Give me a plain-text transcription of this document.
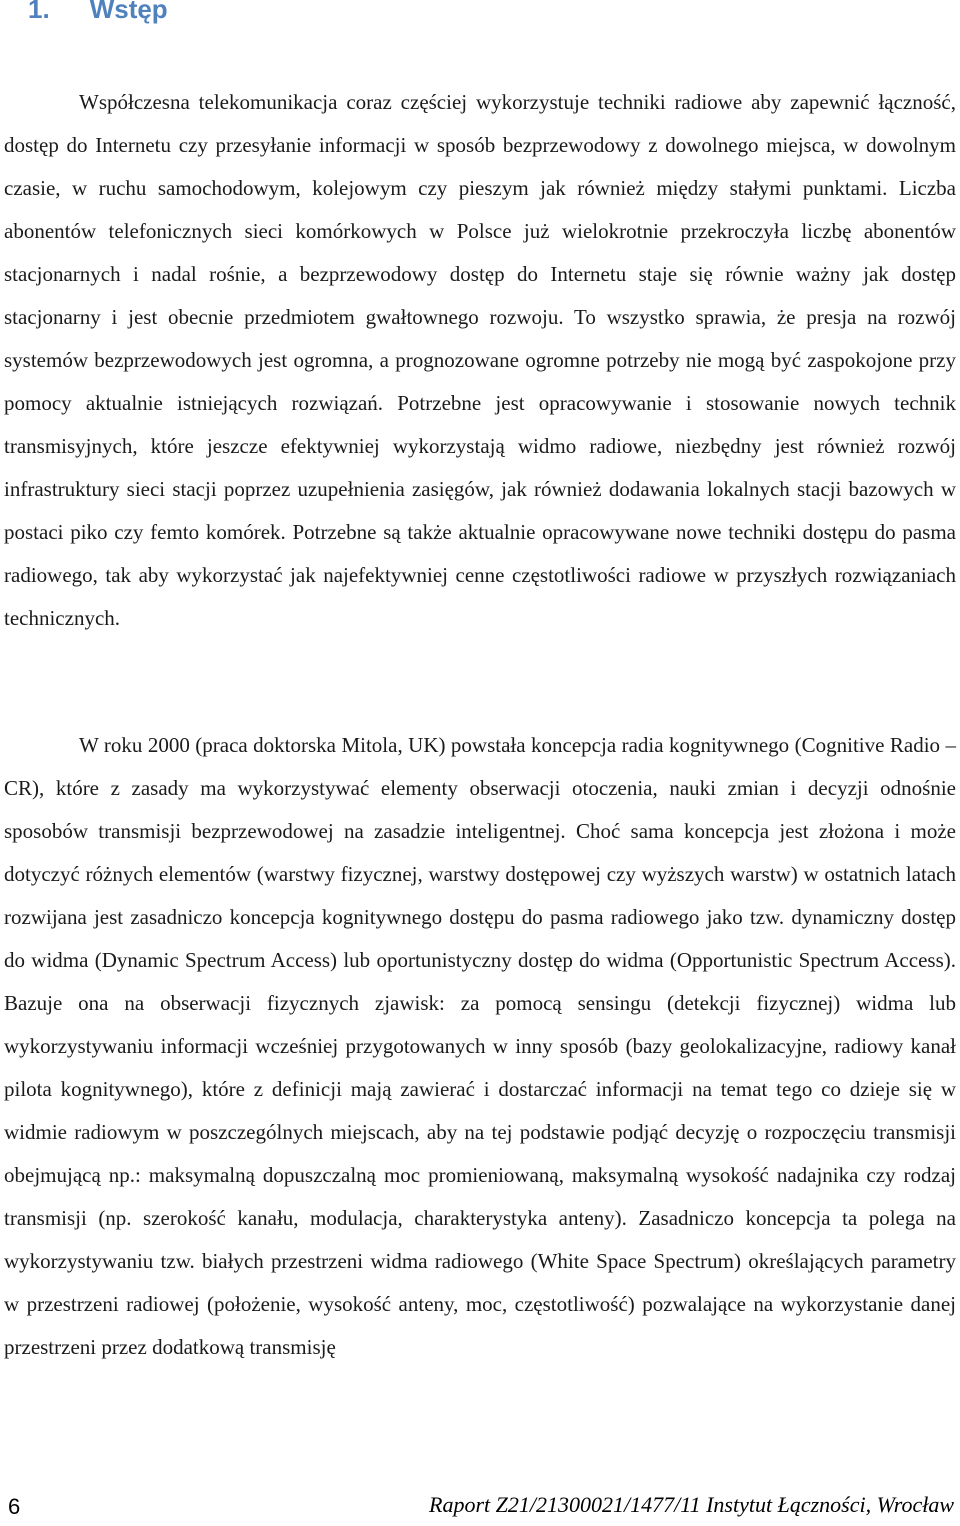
1. Wstęp
Współczesna telekomunikacja coraz częściej wykorzystuje techniki radiowe aby zapewnić łączność, dostęp do Internetu czy przesyłanie informacji w sposób bezprzewodowy z dowolnego miejsca, w dowolnym czasie, w ruchu samochodowym, kolejowym czy pieszym jak również między stałymi punktami. Liczba abonentów telefonicznych sieci komórkowych w Polsce już wielokrotnie przekroczyła liczbę abonentów stacjonarnych i nadal rośnie, a bezprzewodowy dostęp do Internetu staje się równie ważny jak dostęp stacjonarny i jest obecnie przedmiotem gwałtownego rozwoju. To wszystko sprawia, że presja na rozwój systemów bezprzewodowych jest ogromna, a prognozowane ogromne potrzeby nie mogą być zaspokojone przy pomocy aktualnie istniejących rozwiązań. Potrzebne jest opracowywanie i stosowanie nowych technik transmisyjnych, które jeszcze efektywniej wykorzystają widmo radiowe, niezbędny jest również rozwój infrastruktury sieci stacji poprzez uzupełnienia zasięgów, jak również dodawania lokalnych stacji bazowych w postaci piko czy femto komórek. Potrzebne są także aktualnie opracowywane nowe techniki dostępu do pasma radiowego, tak aby wykorzystać jak najefektywniej cenne częstotliwości radiowe w przyszłych rozwiązaniach technicznych.
W roku 2000 (praca doktorska Mitola, UK) powstała koncepcja radia kognitywnego (Cognitive Radio – CR), które z zasady ma wykorzystywać elementy obserwacji otoczenia, nauki zmian i decyzji odnośnie sposobów transmisji bezprzewodowej na zasadzie inteligentnej. Choć sama koncepcja jest złożona i może dotyczyć różnych elementów (warstwy fizycznej, warstwy dostępowej czy wyższych warstw) w ostatnich latach rozwijana jest zasadniczo koncepcja kognitywnego dostępu do pasma radiowego jako tzw. dynamiczny dostęp do widma (Dynamic Spectrum Access) lub oportunistyczny dostęp do widma (Opportunistic Spectrum Access). Bazuje ona na obserwacji fizycznych zjawisk: za pomocą sensingu (detekcji fizycznej) widma lub wykorzystywaniu informacji wcześniej przygotowanych w inny sposób (bazy geolokalizacyjne, radiowy kanał pilota kognitywnego), które z definicji mają zawierać i dostarczać informacji na temat tego co dzieje się w widmie radiowym w poszczególnych miejscach, aby na tej podstawie podjąć decyzję o rozpoczęciu transmisji obejmującą np.: maksymalną dopuszczalną moc promieniowaną, maksymalną wysokość nadajnika czy rodzaj transmisji (np. szerokość kanału, modulacja, charakterystyka anteny). Zasadniczo koncepcja ta polega na wykorzystywaniu tzw. białych przestrzeni widma radiowego (White Space Spectrum) określających parametry w przestrzeni radiowej (położenie, wysokość anteny, moc, częstotliwość) pozwalające na wykorzystanie danej przestrzeni przez dodatkową transmisję
6	Raport Z21/21300021/1477/11 Instytut Łączności, Wrocław
